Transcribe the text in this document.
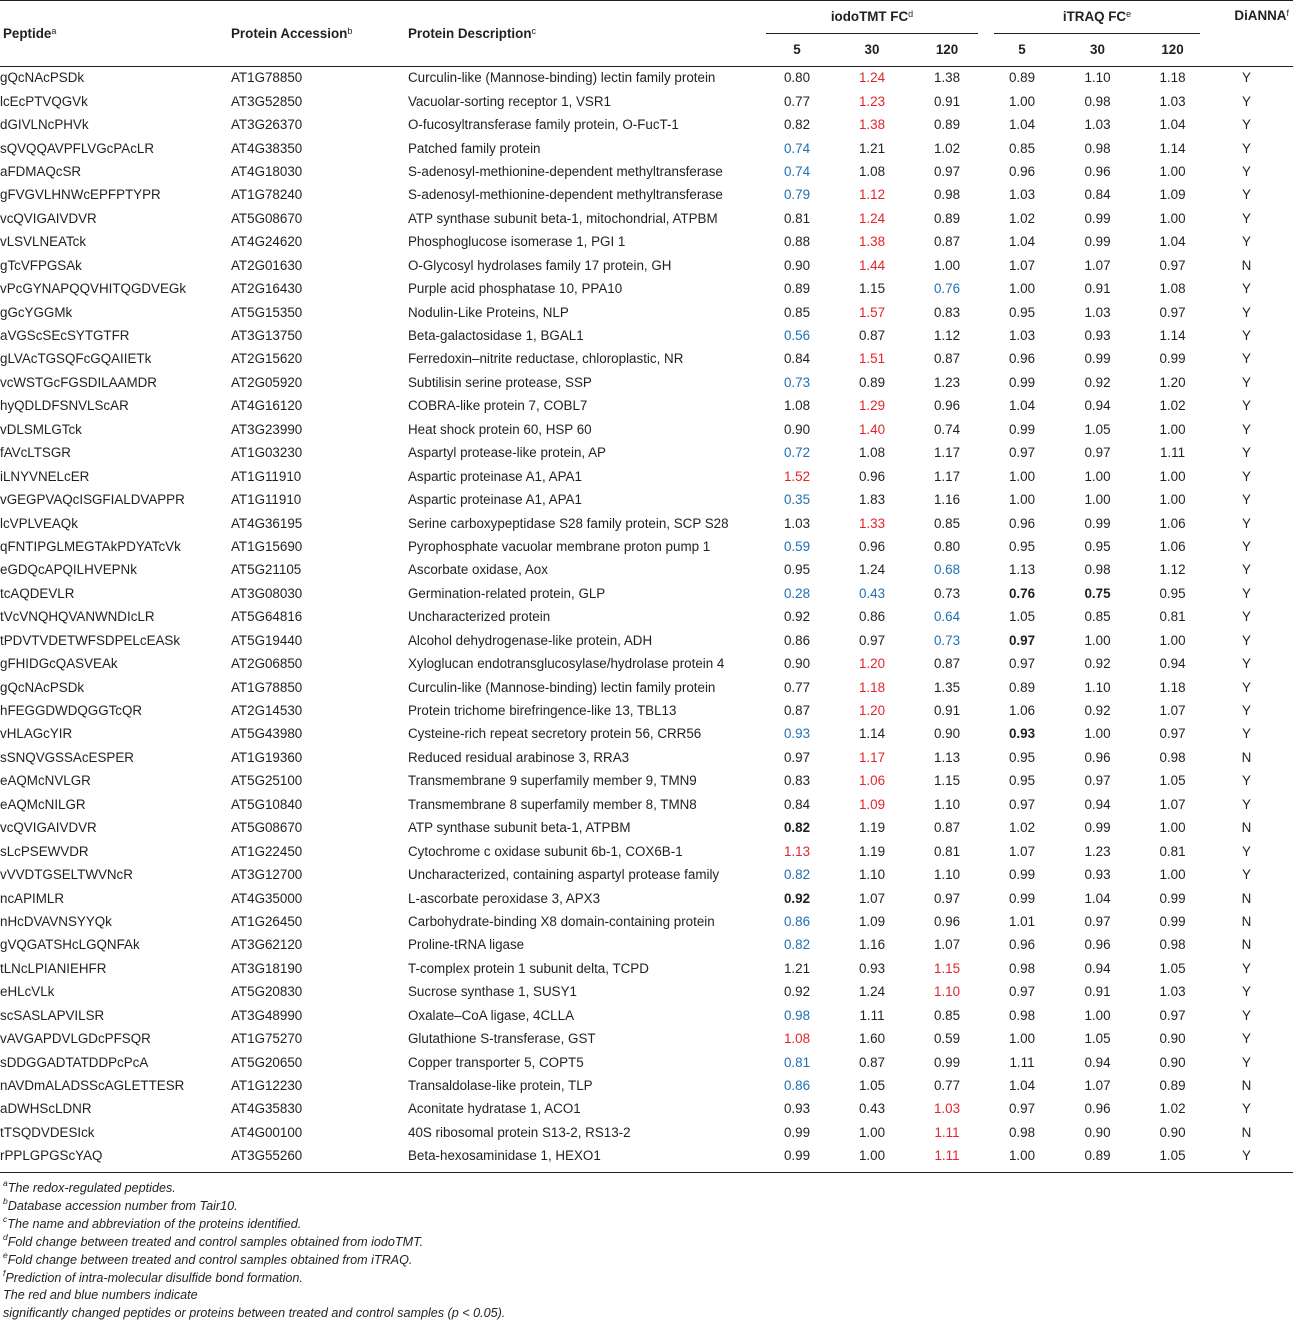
Peptide$^a$	Protein Accession$^b$	Protein Description$^c$	iodoTMT $FC^d$				iTRAQ $FC^e$			DiANNA$^f$
			5	30	120		5	30	120	
gQcNAcPSDk	AT1G78850	Curculin-like (Mannose-binding) lectin family protein	0.80	1.24	1.38		0.89	1.10	1.18	Y
lcEcPTVQGVk	AT3G52850	Vacuolar-sorting receptor 1, VSR1	0.77	1.23	0.91		1.00	0.98	1.03	Y
dGIVLNcPHVk	AT3G26370	O-fucosyltransferase family protein, O-FucT-1	0.82	1.38	0.89		1.04	1.03	1.04	Y
sQVQQAVPFLVGcPAcLR	AT4G38350	Patched family protein	0.74	1.21	1.02		0.85	0.98	1.14	Y
aFDMAQcSR	AT4G18030	S-adenosyl-methionine-dependent methyltransferase	0.74	1.08	0.97		0.96	0.96	1.00	Y
gFVGVLHNWcEPFPTYPR	AT1G78240	S-adenosyl-methionine-dependent methyltransferase	0.79	1.12	0.98		1.03	0.84	1.09	Y
vcQVIGAIVDVR	AT5G08670	ATP synthase subunit beta-1, mitochondrial, ATPBM	0.81	1.24	0.89		1.02	0.99	1.00	Y
vLSVLNEATck	AT4G24620	Phosphoglucose isomerase 1, PGI 1	0.88	1.38	0.87		1.04	0.99	1.04	Y
gTcVFPGSAk	AT2G01630	O-Glycosyl hydrolases family 17 protein, GH	0.90	1.44	1.00		1.07	1.07	0.97	N
vPcGYNAPQQVHITQGDVEGk	AT2G16430	Purple acid phosphatase 10, PPA10	0.89	1.15	0.76		1.00	0.91	1.08	Y
gGcYGGMk	AT5G15350	Nodulin-Like Proteins, NLP	0.85	1.57	0.83		0.95	1.03	0.97	Y
aVGScSEcSYTGTFR	AT3G13750	Beta-galactosidase 1, BGAL1	0.56	0.87	1.12		1.03	0.93	1.14	Y
gLVAcTGSQFcGQAIIETk	AT2G15620	Ferredoxin–nitrite reductase, chloroplastic, NR	0.84	1.51	0.87		0.96	0.99	0.99	Y
vcWSTGcFGSDILAAMDR	AT2G05920	Subtilisin serine protease, SSP	0.73	0.89	1.23		0.99	0.92	1.20	Y
hyQDLDFSNVLScAR	AT4G16120	COBRA-like protein 7, COBL7	1.08	1.29	0.96		1.04	0.94	1.02	Y
vDLSMLGTck	AT3G23990	Heat shock protein 60, HSP 60	0.90	1.40	0.74		0.99	1.05	1.00	Y
fAVcLTSGR	AT1G03230	Aspartyl protease-like protein, AP	0.72	1.08	1.17		0.97	0.97	1.11	Y
iLNYVNELcER	AT1G11910	Aspartic proteinase A1, APA1	1.52	0.96	1.17		1.00	1.00	1.00	Y
vGEGPVAQcISGFIALDVAPPR	AT1G11910	Aspartic proteinase A1, APA1	0.35	1.83	1.16		1.00	1.00	1.00	Y
lcVPLVEAQk	AT4G36195	Serine carboxypeptidase S28 family protein, SCP S28	1.03	1.33	0.85		0.96	0.99	1.06	Y
qFNTIPGLMEGTAkPDYATcVk	AT1G15690	Pyrophosphate vacuolar membrane proton pump 1	0.59	0.96	0.80		0.95	0.95	1.06	Y
eGDQcAPQILHVEPNk	AT5G21105	Ascorbate oxidase, Aox	0.95	1.24	0.68		1.13	0.98	1.12	Y
tcAQDEVLR	AT3G08030	Germination-related protein, GLP	0.28	0.43	0.73		0.76	0.75	0.95	Y
tVcVNQHQVANWNDIcLR	AT5G64816	Uncharacterized protein	0.92	0.86	0.64		1.05	0.85	0.81	Y
tPDVTVDETWFSDPELcEASk	AT5G19440	Alcohol dehydrogenase-like protein, ADH	0.86	0.97	0.73		0.97	1.00	1.00	Y
gFHIDGcQASVEAk	AT2G06850	Xyloglucan endotransglucosylase/hydrolase protein 4	0.90	1.20	0.87		0.97	0.92	0.94	Y
gQcNAcPSDk	AT1G78850	Curculin-like (Mannose-binding) lectin family protein	0.77	1.18	1.35		0.89	1.10	1.18	Y
hFEGGDWDQGGTcQR	AT2G14530	Protein trichome birefringence-like 13, TBL13	0.87	1.20	0.91		1.06	0.92	1.07	Y
vHLAGcYIR	AT5G43980	Cysteine-rich repeat secretory protein 56, CRR56	0.93	1.14	0.90		0.93	1.00	0.97	Y
sSNQVGSSAcESPER	AT1G19360	Reduced residual arabinose 3, RRA3	0.97	1.17	1.13		0.95	0.96	0.98	N
eAQMcNVLGR	AT5G25100	Transmembrane 9 superfamily member 9, TMN9	0.83	1.06	1.15		0.95	0.97	1.05	Y
eAQMcNILGR	AT5G10840	Transmembrane 8 superfamily member 8, TMN8	0.84	1.09	1.10		0.97	0.94	1.07	Y
vcQVIGAIVDVR	AT5G08670	ATP synthase subunit beta-1, ATPBM	0.82	1.19	0.87		1.02	0.99	1.00	N
sLcPSEWVDR	AT1G22450	Cytochrome c oxidase subunit 6b-1, COX6B-1	1.13	1.19	0.81		1.07	1.23	0.81	Y
vVVDTGSELTWVNcR	AT3G12700	Uncharacterized, containing aspartyl protease family	0.82	1.10	1.10		0.99	0.93	1.00	Y
ncAPIMLR	AT4G35000	L-ascorbate peroxidase 3, APX3	0.92	1.07	0.97		0.99	1.04	0.99	N
nHcDVAVNSYYQk	AT1G26450	Carbohydrate-binding X8 domain-containing protein	0.86	1.09	0.96		1.01	0.97	0.99	N
gVQGATSHcLGQNFAk	AT3G62120	Proline-tRNA ligase	0.82	1.16	1.07		0.96	0.96	0.98	N
tLNcLPIANIEHFR	AT3G18190	T-complex protein 1 subunit delta, TCPD	1.21	0.93	1.15		0.98	0.94	1.05	Y
eHLcVLk	AT5G20830	Sucrose synthase 1, SUSY1	0.92	1.24	1.10		0.97	0.91	1.03	Y
scSASLAPVILSR	AT3G48990	Oxalate–CoA ligase, 4CLLA	0.98	1.11	0.85		0.98	1.00	0.97	Y
vAVGAPDVLGDcPFSQR	AT1G75270	Glutathione S-transferase, GST	1.08	1.60	0.59		1.00	1.05	0.90	Y
sDDGGADTATDDPcPcA	AT5G20650	Copper transporter 5, COPT5	0.81	0.87	0.99		1.11	0.94	0.90	Y
nAVDmALADSScAGLETTESR	AT1G12230	Transaldolase-like protein, TLP	0.86	1.05	0.77		1.04	1.07	0.89	N
aDWHScLDNR	AT4G35830	Aconitate hydratase 1, ACO1	0.93	0.43	1.03		0.97	0.96	1.02	Y
tTSQDVDESIck	AT4G00100	40S ribosomal protein S13-2, RS13-2	0.99	1.00	1.11		0.98	0.90	0.90	N
rPPLGPGScYAQ	AT3G55260	Beta-hexosaminidase 1, HEXO1	0.99	1.00	1.11		1.00	0.89	1.05	Y
$^a$The redox-regulated peptides.
$^b$Database accession number from Tair10.
$^c$The name and abbreviation of the proteins identified.
$^d$Fold change between treated and control samples obtained from iodoTMT.
$^e$Fold change between treated and control samples obtained from iTRAQ.
$^f$Prediction of intra-molecular disulfide bond formation.
The red and blue numbers indicate
significantly changed peptides or proteins between treated and control samples (p < 0.05).
